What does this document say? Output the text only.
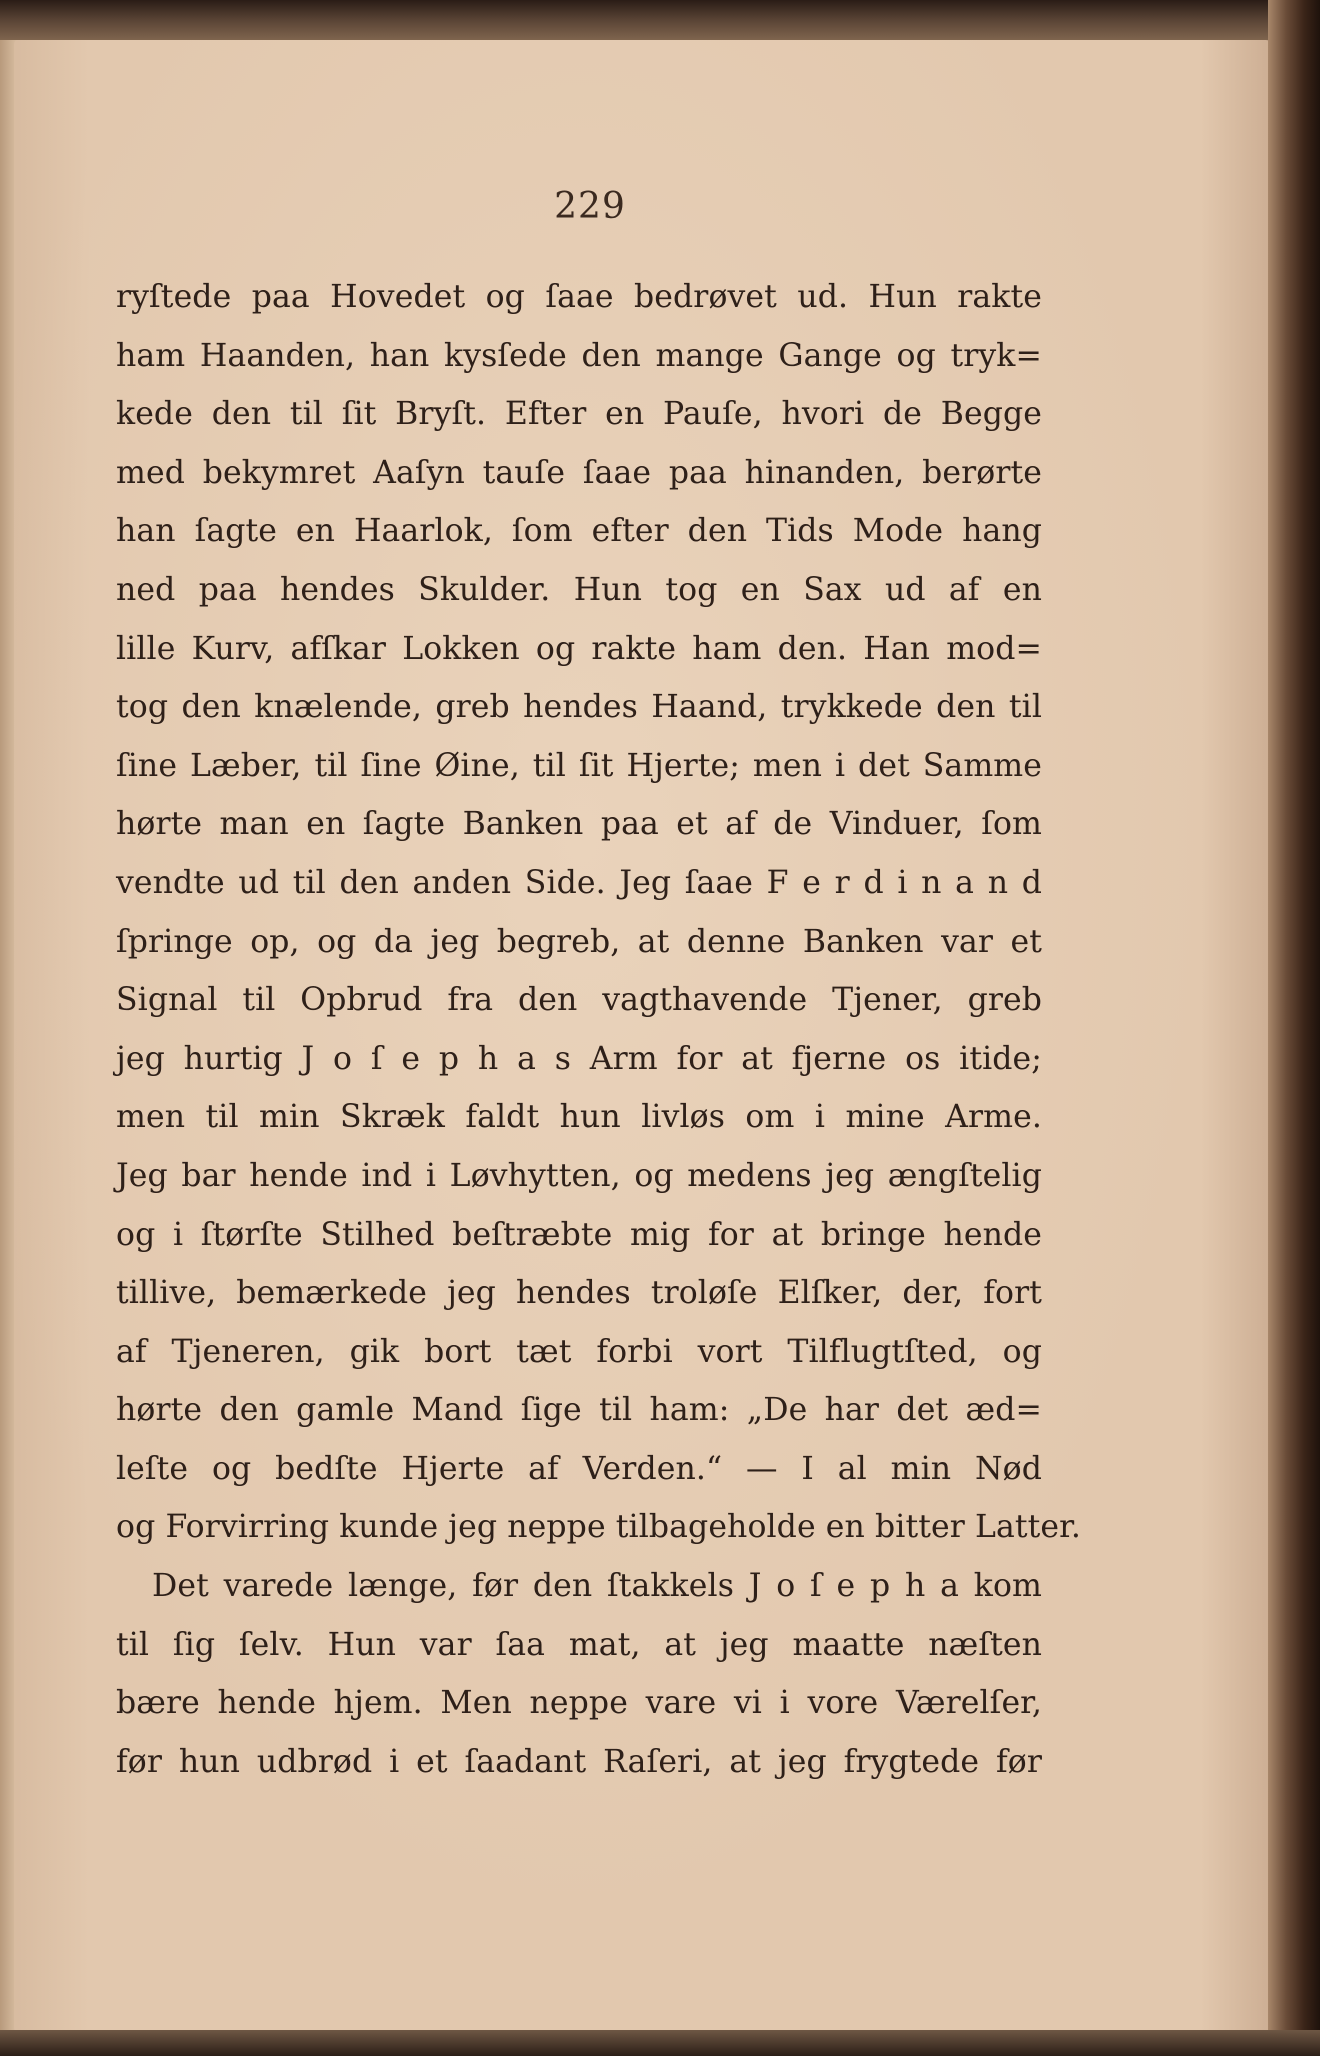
229
ryſtede paa Hovedet og ſaae bedrøvet ud. Hun rakte
ham Haanden, han kysſede den mange Gange og tryk=
kede den til ſit Bryſt. Efter en Pauſe, hvori de Begge
med bekymret Aaſyn tauſe ſaae paa hinanden, berørte
han ſagte en Haarlok, ſom efter den Tids Mode hang
ned paa hendes Skulder. Hun tog en Sax ud af en
lille Kurv, afſkar Lokken og rakte ham den. Han mod=
tog den knælende, greb hendes Haand, trykkede den til
ſine Læber, til ſine Øine, til ſit Hjerte; men i det Samme
hørte man en ſagte Banken paa et af de Vinduer, ſom
vendte ud til den anden Side. Jeg ſaae F e r d i n a n d
ſpringe op, og da jeg begreb, at denne Banken var et
Signal til Opbrud fra den vagthavende Tjener, greb
jeg hurtig J o ſ e p h a s Arm for at fjerne os itide;
men til min Skræk faldt hun livløs om i mine Arme.
Jeg bar hende ind i Løvhytten, og medens jeg ængſtelig
og i ſtørſte Stilhed beſtræbte mig for at bringe hende
tillive, bemærkede jeg hendes troløſe Elſker, der, fort
af Tjeneren, gik bort tæt forbi vort Tilflugtſted, og
hørte den gamle Mand ſige til ham: „De har det æd=
leſte og bedſte Hjerte af Verden.“ — I al min Nød
og Forvirring kunde jeg neppe tilbageholde en bitter Latter.
Det varede længe, før den ſtakkels J o ſ e p h a kom
til ſig ſelv. Hun var ſaa mat, at jeg maatte næſten
bære hende hjem. Men neppe vare vi i vore Værelſer,
før hun udbrød i et ſaadant Raſeri, at jeg frygtede før
